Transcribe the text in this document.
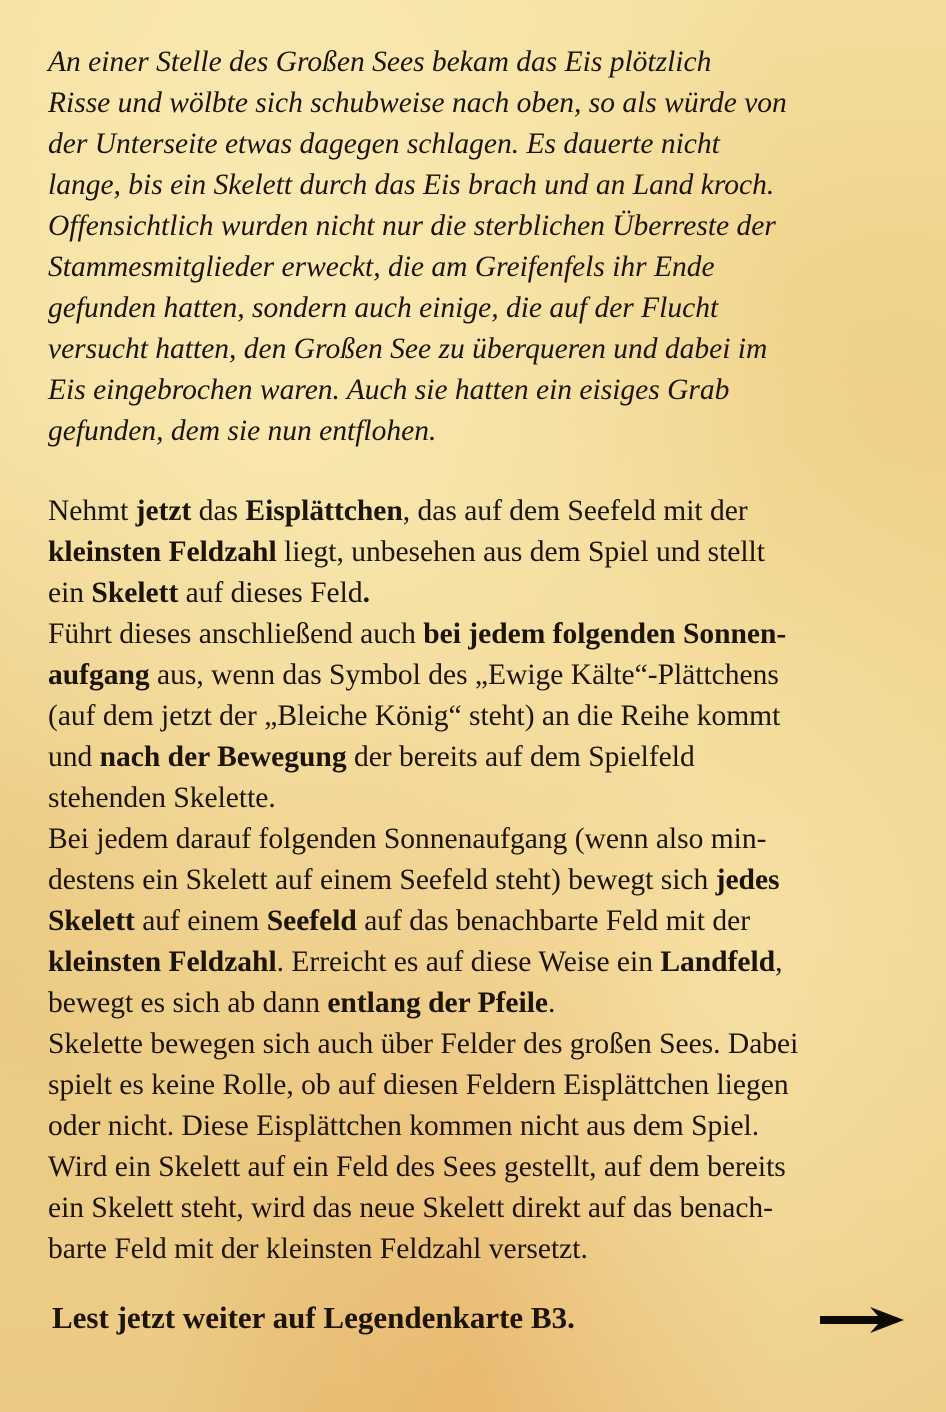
An einer Stelle des Großen Sees bekam das Eis plötzlich
Risse und wölbte sich schubweise nach oben, so als würde von
der Unterseite etwas dagegen schlagen. Es dauerte nicht
lange, bis ein Skelett durch das Eis brach und an Land kroch.
Offensichtlich wurden nicht nur die sterblichen Überreste der
Stammesmitglieder erweckt, die am Greifenfels ihr Ende
gefunden hatten, sondern auch einige, die auf der Flucht
versucht hatten, den Großen See zu überqueren und dabei im
Eis eingebrochen waren. Auch sie hatten ein eisiges Grab
gefunden, dem sie nun entflohen.
Nehmt jetzt das Eisplättchen, das auf dem Seefeld mit der
kleinsten Feldzahl liegt, unbesehen aus dem Spiel und stellt
ein Skelett auf dieses Feld.
Führt dieses anschließend auch bei jedem folgenden Sonnen-
aufgang aus, wenn das Symbol des „Ewige Kälte“-Plättchens
(auf dem jetzt der „Bleiche König“ steht) an die Reihe kommt
und nach der Bewegung der bereits auf dem Spielfeld
stehenden Skelette.
Bei jedem darauf folgenden Sonnenaufgang (wenn also min-
destens ein Skelett auf einem Seefeld steht) bewegt sich jedes
Skelett auf einem Seefeld auf das benachbarte Feld mit der
kleinsten Feldzahl. Erreicht es auf diese Weise ein Landfeld,
bewegt es sich ab dann entlang der Pfeile.
Skelette bewegen sich auch über Felder des großen Sees. Dabei
spielt es keine Rolle, ob auf diesen Feldern Eisplättchen liegen
oder nicht. Diese Eisplättchen kommen nicht aus dem Spiel.
Wird ein Skelett auf ein Feld des Sees gestellt, auf dem bereits
ein Skelett steht, wird das neue Skelett direkt auf das benach-
barte Feld mit der kleinsten Feldzahl versetzt.
Lest jetzt weiter auf Legendenkarte B3.
